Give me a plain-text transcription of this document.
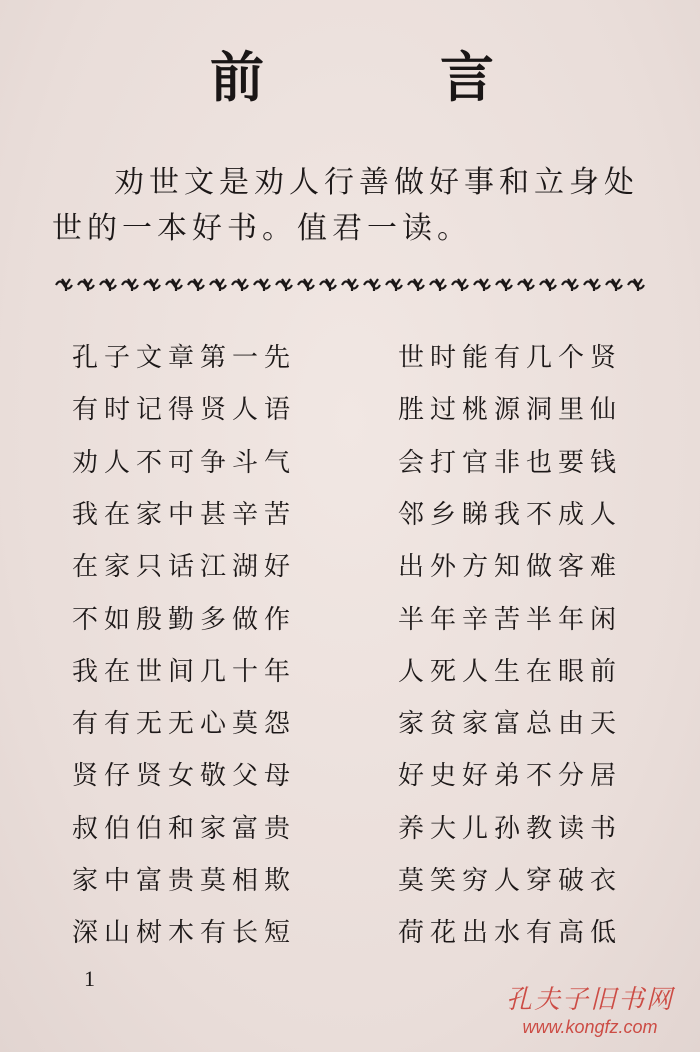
前	言

劝世文是劝人行善做好事和立身处世的一本好书。值君一读。

孔子文章第一先	世时能有几个贤
有时记得贤人语	胜过桃源洞里仙
劝人不可争斗气	会打官非也要钱
我在家中甚辛苦	邻乡睇我不成人
在家只话江湖好	出外方知做客难
不如殷勤多做作	半年辛苦半年闲
我在世间几十年	人死人生在眼前
有有无无心莫怨	家贫家富总由天
贤仔贤女敬父母	好史好弟不分居
叔伯伯和家富贵	养大儿孙教读书
家中富贵莫相欺	莫笑穷人穿破衣
深山树木有长短	荷花出水有高低
1
孔夫子旧书网
www.kongfz.com
